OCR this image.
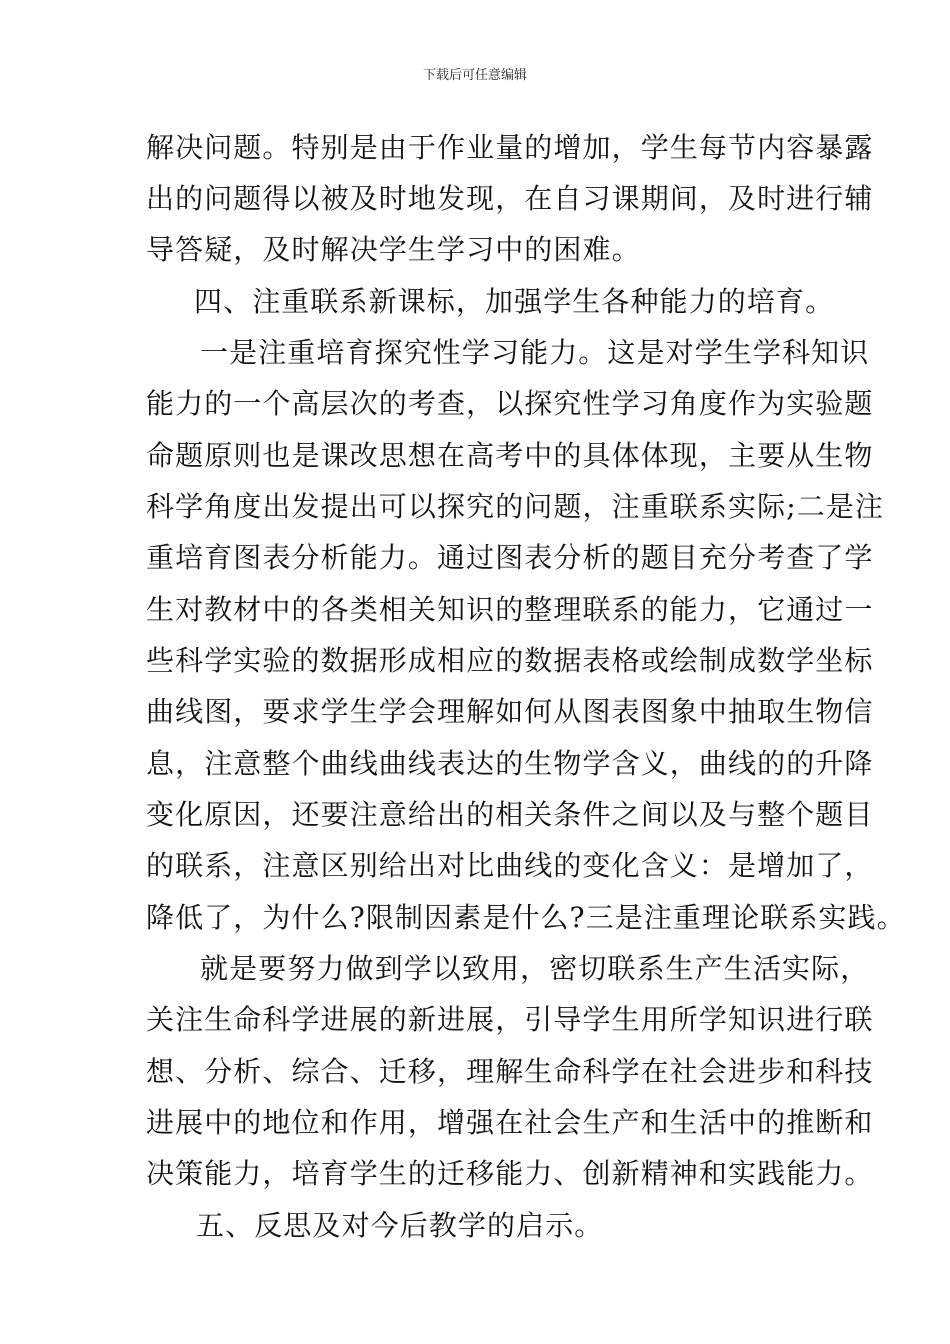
下载后可任意编辑
解决问题。特别是由于作业量的增加，学生每节内容暴露
出的问题得以被及时地发现，在自习课期间，及时进行辅
导答疑，及时解决学生学习中的困难。
四、注重联系新课标，加强学生各种能力的培育。
一是注重培育探究性学习能力。这是对学生学科知识
能力的一个高层次的考查，以探究性学习角度作为实验题
命题原则也是课改思想在高考中的具体体现，主要从生物
科学角度出发提出可以探究的问题，注重联系实际;二是注
重培育图表分析能力。通过图表分析的题目充分考查了学
生对教材中的各类相关知识的整理联系的能力，它通过一
些科学实验的数据形成相应的数据表格或绘制成数学坐标
曲线图，要求学生学会理解如何从图表图象中抽取生物信
息，注意整个曲线曲线表达的生物学含义，曲线的的升降
变化原因，还要注意给出的相关条件之间以及与整个题目
的联系，注意区别给出对比曲线的变化含义：是增加了，
降低了，为什么?限制因素是什么?三是注重理论联系实践。
就是要努力做到学以致用，密切联系生产生活实际，
关注生命科学进展的新进展，引导学生用所学知识进行联
想、分析、综合、迁移，理解生命科学在社会进步和科技
进展中的地位和作用，增强在社会生产和生活中的推断和
决策能力，培育学生的迁移能力、创新精神和实践能力。
五、反思及对今后教学的启示。
